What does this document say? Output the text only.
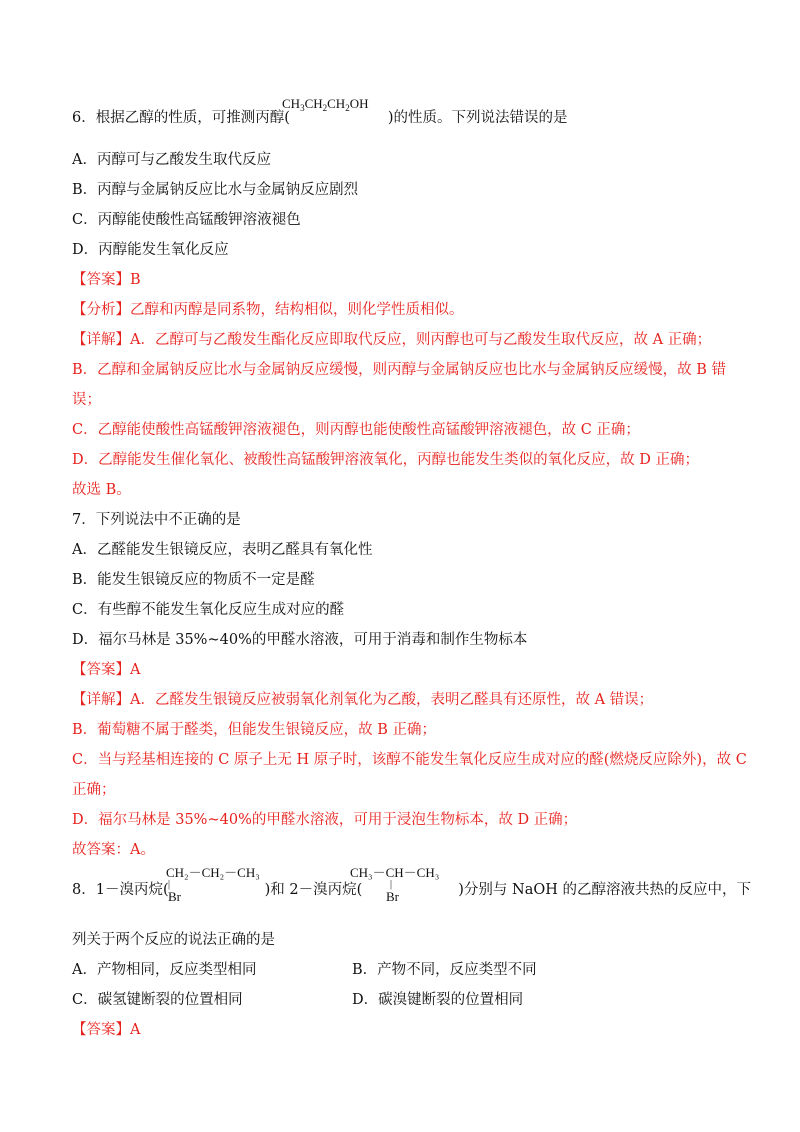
6．根据乙醇的性质，可推测丙醇(	)的性质。下列说法错误的是
$CH_3CH_2CH_2OH$
A．丙醇可与乙酸发生取代反应
B．丙醇与金属钠反应比水与金属钠反应剧烈
C．丙醇能使酸性高锰酸钾溶液褪色
D．丙醇能发生氧化反应
【答案】B
【分析】乙醇和丙醇是同系物，结构相似，则化学性质相似。
【详解】A．乙醇可与乙酸发生酯化反应即取代反应，则丙醇也可与乙酸发生取代反应，故 A 正确；
B．乙醇和金属钠反应比水与金属钠反应缓慢，则丙醇与金属钠反应也比水与金属钠反应缓慢，故 B 错
误；
C．乙醇能使酸性高锰酸钾溶液褪色，则丙醇也能使酸性高锰酸钾溶液褪色，故 C 正确；
D．乙醇能发生催化氧化、被酸性高锰酸钾溶液氧化，丙醇也能发生类似的氧化反应，故 D 正确；
故选 B。
7．下列说法中不正确的是
A．乙醛能发生银镜反应，表明乙醛具有氧化性
B．能发生银镜反应的物质不一定是醛
C．有些醇不能发生氧化反应生成对应的醛
D．福尔马林是 35%~40%的甲醛水溶液，可用于消毒和制作生物标本
【答案】A
【详解】A．乙醛发生银镜反应被弱氧化剂氧化为乙酸，表明乙醛具有还原性，故 A 错误；
B．葡萄糖不属于醛类，但能发生银镜反应，故 B 正确；
C．当与羟基相连接的 C 原子上无 H 原子时，该醇不能发生氧化反应生成对应的醛(燃烧反应除外)，故 C
正确；
D．福尔马林是 35%~40%的甲醛水溶液，可用于浸泡生物标本，故 D 正确；
故答案：A。
8．1－溴丙烷(	)和 2－溴丙烷(	)分别与 NaOH 的乙醇溶液共热的反应中，下
CH₂－CH₂－CH₃
|
Br
CH₃－CH－CH₃
|
Br
列关于两个反应的说法正确的是
A．产物相同，反应类型相同	B．产物不同，反应类型不同
C．碳氢键断裂的位置相同	D．碳溴键断裂的位置相同
【答案】A
